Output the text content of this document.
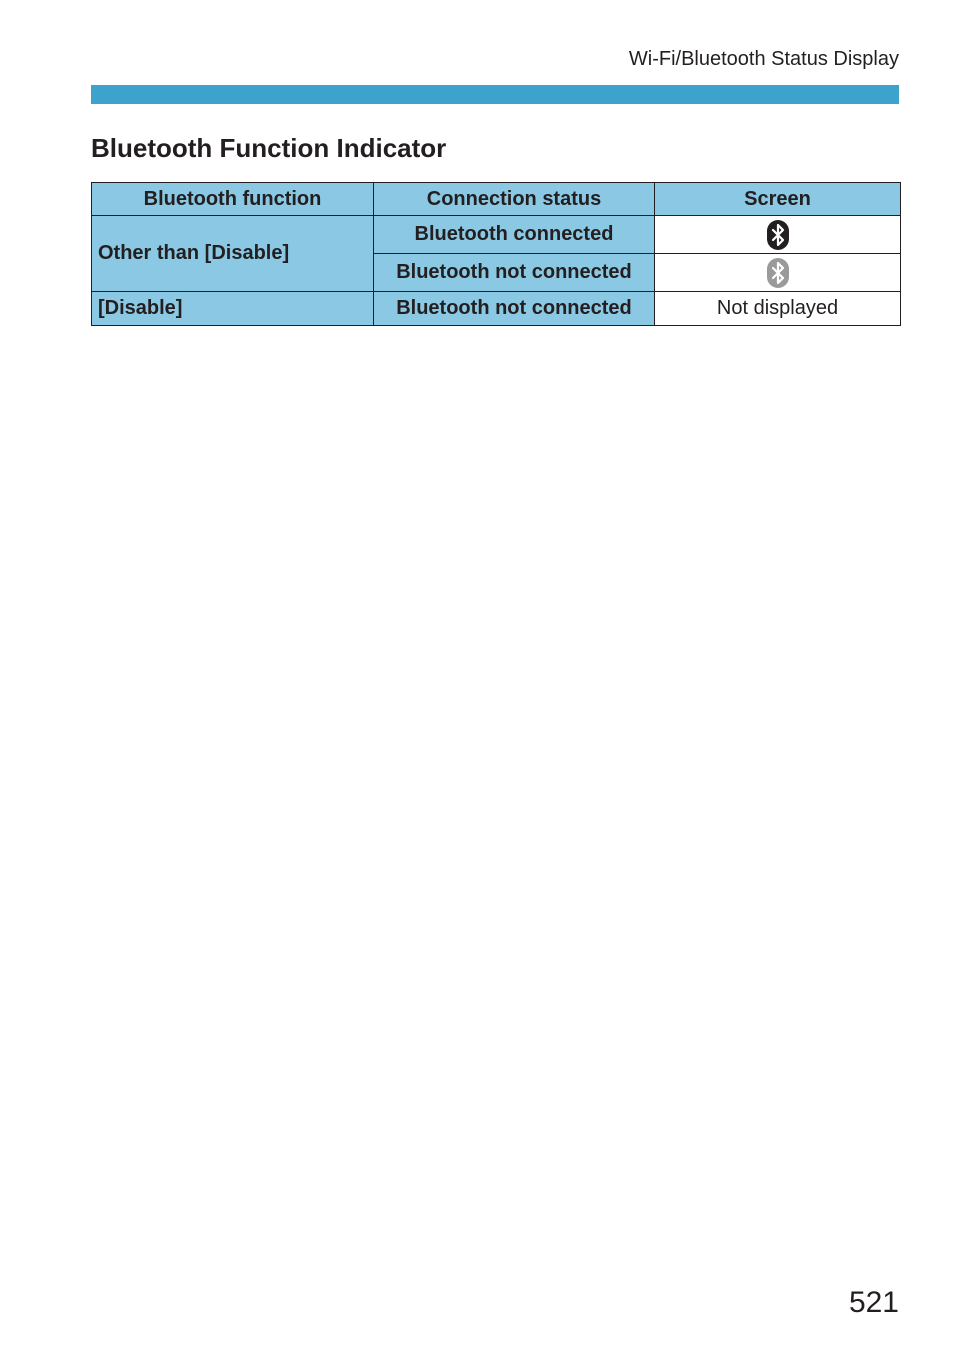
Wi-Fi/Bluetooth Status Display
Bluetooth Function Indicator
Bluetooth function	Connection status	Screen
Other than [Disable]	Bluetooth connected	

	Bluetooth not connected	

[Disable]	Bluetooth not connected	Not displayed
521
